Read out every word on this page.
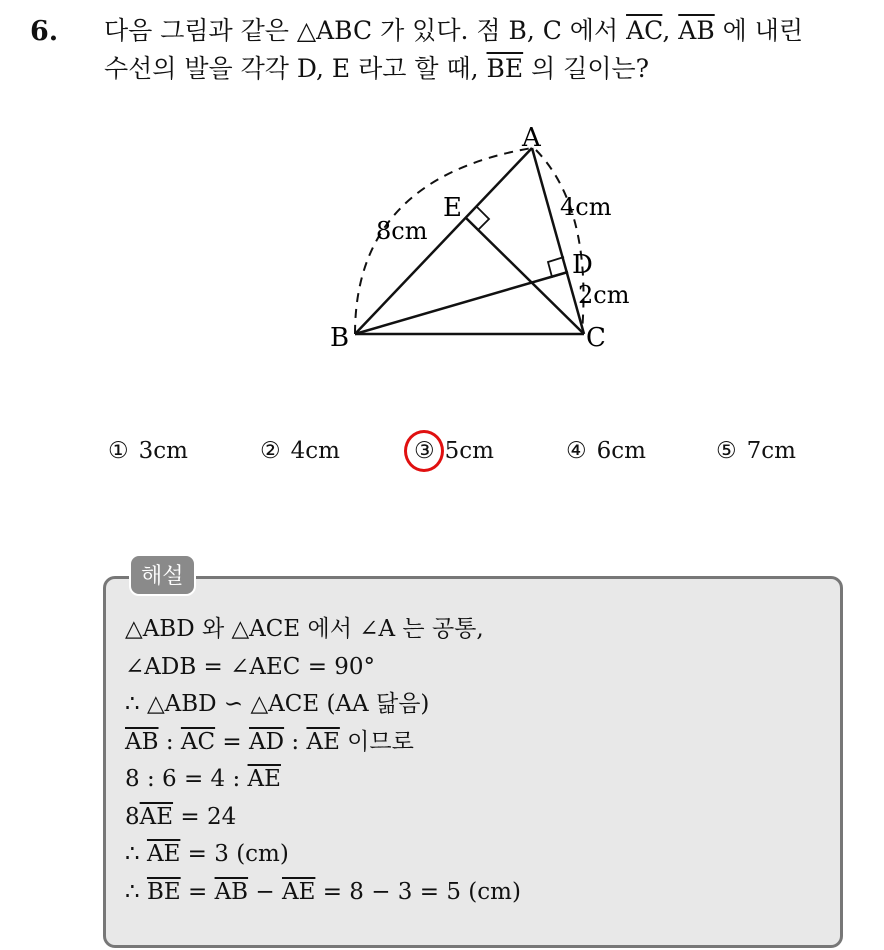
6. 다음 그림과 같은 △ABC 가 있다. 점 B, C 에서 $\overline{AC}$, $\overline{AB}$ 에 내린
수선의 발을 각각 D, E 라고 할 때, $\overline{BE}$ 의 길이는?
A
B	C
D
E
8cm
4cm
2cm
① 3cm	② 4cm	③ 5cm	④ 6cm	⑤ 7cm
해설
△ABD 와 △ACE 에서 ∠A 는 공통,
∠ADB = ∠AEC = 90°
∴ △ABD ∽ △ACE (AA 닮음)
$\overline{AB}$ : $\overline{AC} = \overline{AD}$ : $\overline{AE}$ 이므로
8 : 6 = 4 : $\overline{AE}$
$8\overline{AE} = 24$
∴ $\overline{AE} = 3$ (cm)
∴ $\overline{BE} = \overline{AB} - \overline{AE} = 8 - 3 = 5$ (cm)
